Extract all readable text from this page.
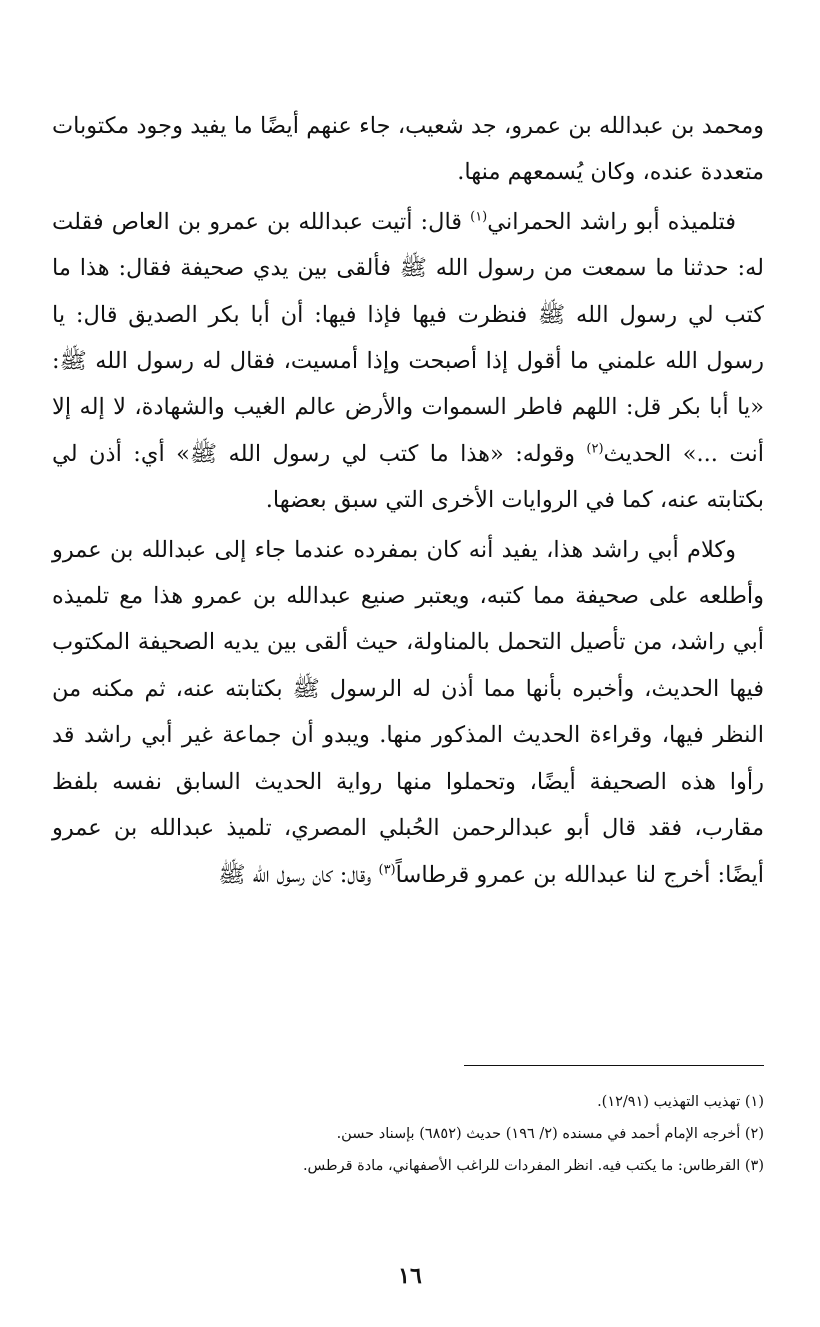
ومحمد بن عبدالله بن عمرو، جد شعيب، جاء عنهم أيضًا ما يفيد وجود مكتوبات متعددة عنده، وكان يُسمعهم منها.

فتلميذه أبو راشد الحمراني$^{(١)}$ قال: أتيت عبدالله بن عمرو بن العاص فقلت له: حدثنا ما سمعت من رسول الله ﷺ فألقى بين يدي صحيفة فقال: هذا ما كتب لي رسول الله ﷺ فنظرت فيها فإذا فيها: أن أبا بكر الصديق قال: يا رسول الله علمني ما أقول إذا أصبحت وإذا أمسيت، فقال له رسول الله ﷺ: «يا أبا بكر قل: اللهم فاطر السموات والأرض عالم الغيب والشهادة، لا إله إلا أنت ...» الحديث$^{(٢)}$ وقوله: «هذا ما كتب لي رسول الله ﷺ» أي: أذن لي بكتابته عنه، كما في الروايات الأخرى التي سبق بعضها.

وكلام أبي راشد هذا، يفيد أنه كان بمفرده عندما جاء إلى عبدالله بن عمرو وأطلعه على صحيفة مما كتبه، ويعتبر صنيع عبدالله بن عمرو هذا مع تلميذه أبي راشد، من تأصيل التحمل بالمناولة، حيث ألقى بين يديه الصحيفة المكتوب فيها الحديث، وأخبره بأنها مما أذن له الرسول ﷺ بكتابته عنه، ثم مكنه من النظر فيها، وقراءة الحديث المذكور منها. ويبدو أن جماعة غير أبي راشد قد رأوا هذه الصحيفة أيضًا، وتحملوا منها رواية الحديث السابق نفسه بلفظ مقارب، فقد قال أبو عبدالرحمن الحُبلي المصري، تلميذ عبدالله بن عمرو أيضًا: أخرج لنا عبدالله بن عمرو قرطاساً$^{(٣)}$ وقال: كان رسول الله ﷺ

(١) تهذيب التهذيب (١٢/٩١).

(٢) أخرجه الإمام أحمد في مسنده (٢/ ١٩٦) حديث (٦٨٥٢) بإسناد حسن.

(٣) القرطاس: ما يكتب فيه. انظر المفردات للراغب الأصفهاني، مادة قرطس.

١٦
